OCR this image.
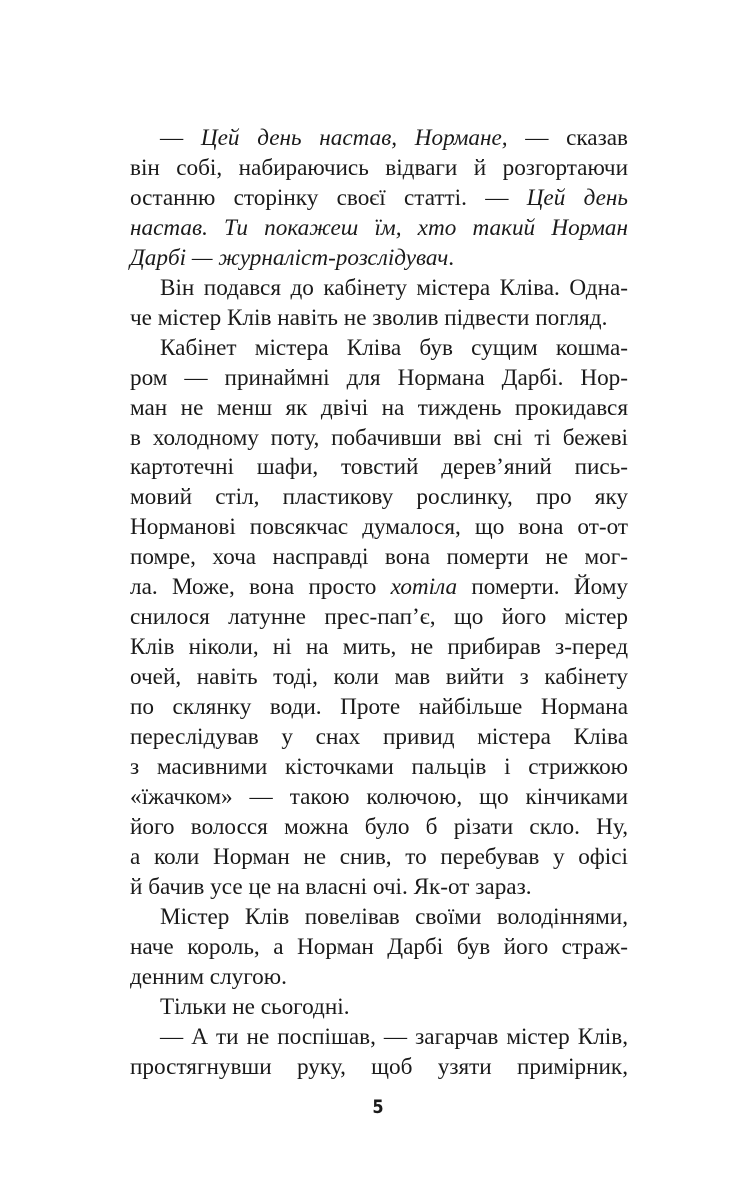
— Цей день настав, Нормане, — сказав
він собі, набираючись відваги й розгортаючи
останню сторінку своєї статті. — Цей день
настав. Ти покажеш їм, хто такий Норман
Дарбі — журналіст-розслідувач.
Він подався до кабінету містера Кліва. Одна-
че містер Клів навіть не зволив підвести погляд.
Кабінет містера Кліва був сущим кошма-
ром — принаймні для Нормана Дарбі. Нор-
ман не менш як двічі на тиждень прокидався
в холодному поту, побачивши вві сні ті бежеві
картотечні шафи, товстий дерев’яний пись-
мовий стіл, пластикову рослинку, про яку
Норманові повсякчас думалося, що вона от-от
помре, хоча насправді вона померти не мог-
ла. Може, вона просто хотіла померти. Йому
снилося латунне прес-пап’є, що його містер
Клів ніколи, ні на мить, не прибирав з-перед
очей, навіть тоді, коли мав вийти з кабінету
по склянку води. Проте найбільше Нормана
переслідував у снах привид містера Кліва
з масивними кісточками пальців і стрижкою
«їжачком» — такою колючою, що кінчиками
його волосся можна було б різати скло. Ну,
а коли Норман не снив, то перебував у офісі
й бачив усе це на власні очі. Як-от зараз.
Містер Клів повелівав своїми володіннями,
наче король, а Норман Дарбі був його страж-
денним слугою.
Тільки не сьогодні.
— А ти не поспішав, — загарчав містер Клів,
простягнувши руку, щоб узяти примірник,
5
